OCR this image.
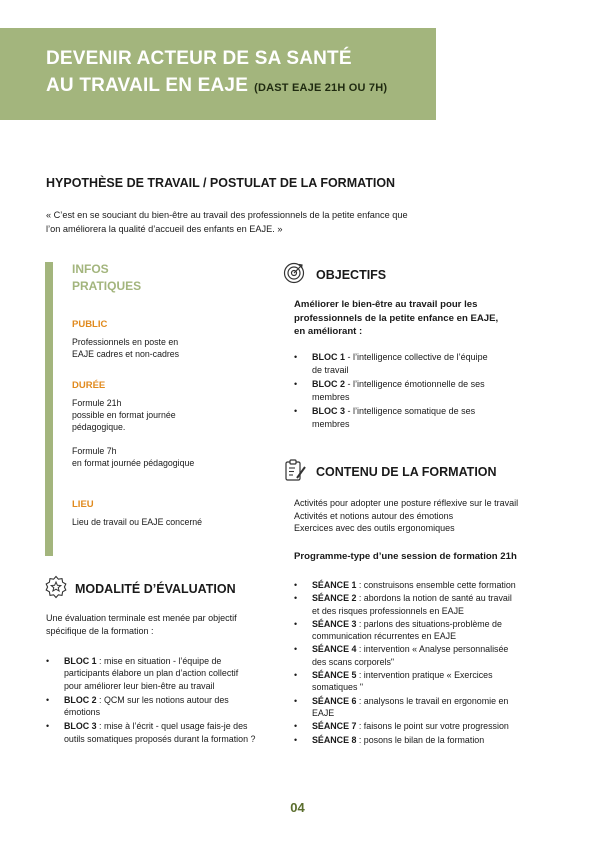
DEVENIR ACTEUR DE SA SANTÉ
AU TRAVAIL EN EAJE (DAST EAJE 21H OU 7H)
HYPOTHÈSE DE TRAVAIL / POSTULAT DE LA FORMATION
« C’est en se souciant du bien-être au travail des professionnels de la petite enfance que
l’on améliorera la qualité d’accueil des enfants en EAJE. »
INFOS
PRATIQUES
PUBLIC
Professionnels en poste en
EAJE cadres et non-cadres
DURÉE
Formule 21h
possible en format journée
pédagogique.
Formule 7h
en format journée pédagogique
LIEU
Lieu de travail ou EAJE concerné
OBJECTIFS
Améliorer le bien-être au travail pour les
professionnels de la petite enfance en EAJE,
en améliorant :
• BLOC 1 - l’intelligence collective de l’équipe
de travail
• BLOC 2 - l’intelligence émotionnelle de ses
membres
• BLOC 3 - l’intelligence somatique de ses
membres
CONTENU DE LA FORMATION
Activités pour adopter une posture réflexive sur le travail
Activités et notions autour des émotions
Exercices avec des outils ergonomiques
Programme-type d’une session de formation 21h
• SÉANCE 1 : construisons ensemble cette formation
• SÉANCE 2 : abordons la notion de santé au travail
et des risques professionnels en EAJE
• SÉANCE 3 : parlons des situations-problème de
communication récurrentes en EAJE
• SÉANCE 4 : intervention « Analyse personnalisée
des scans corporels"
• SÉANCE 5 : intervention pratique « Exercices
somatiques "
• SÉANCE 6 : analysons le travail en ergonomie en
EAJE
• SÉANCE 7 : faisons le point sur votre progression
• SÉANCE 8 : posons le bilan de la formation
MODALITÉ D’ÉVALUATION
Une évaluation terminale est menée par objectif
spécifique de la formation :
• BLOC 1 : mise en situation - l’équipe de
participants élabore un plan d’action collectif
pour améliorer leur bien-être au travail
• BLOC 2 : QCM sur les notions autour des
émotions
• BLOC 3 : mise à l’écrit - quel usage fais-je des
outils somatiques proposés durant la formation ?
04
